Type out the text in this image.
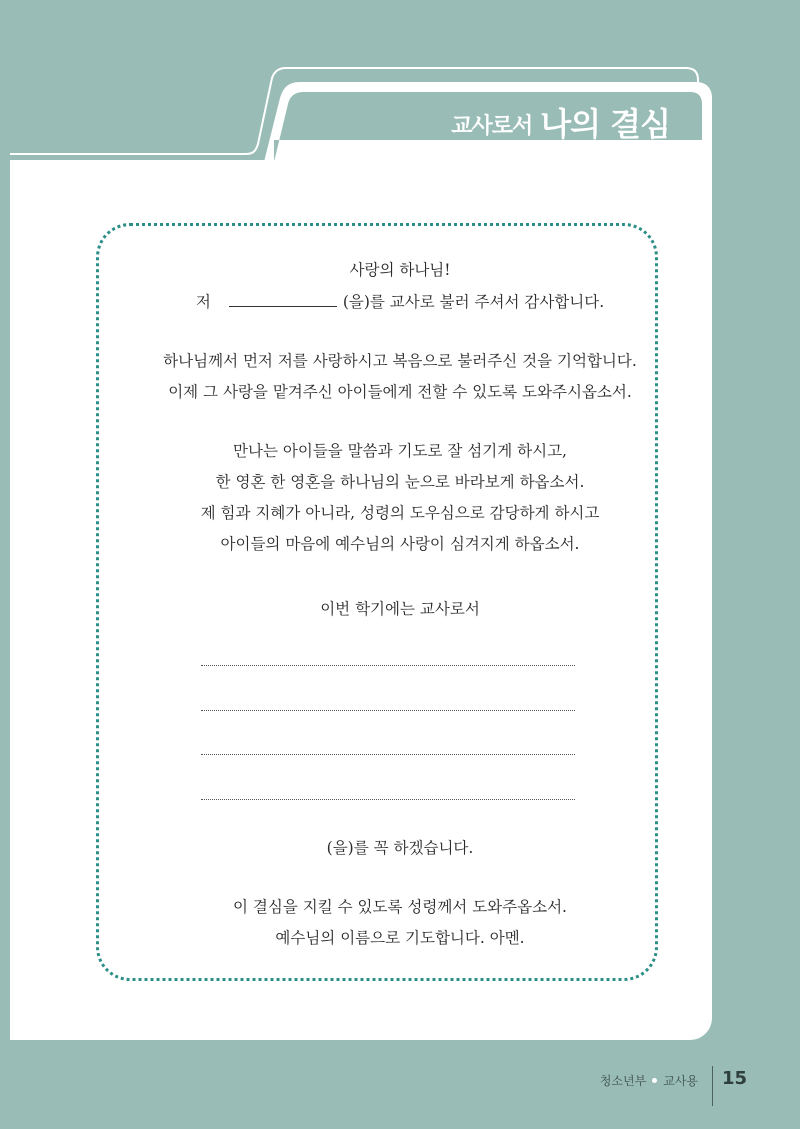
교사로서 나의 결심
사랑의 하나님!
저	(을)를 교사로 불러 주셔서 감사합니다.
하나님께서 먼저 저를 사랑하시고 복음으로 불러주신 것을 기억합니다.
이제 그 사랑을 맡겨주신 아이들에게 전할 수 있도록 도와주시옵소서.
만나는 아이들을 말씀과 기도로 잘 섬기게 하시고,
한 영혼 한 영혼을 하나님의 눈으로 바라보게 하옵소서.
제 힘과 지혜가 아니라, 성령의 도우심으로 감당하게 하시고
아이들의 마음에 예수님의 사랑이 심겨지게 하옵소서.
이번 학기에는 교사로서
(을)를 꼭 하겠습니다.
이 결심을 지킬 수 있도록 성령께서 도와주옵소서.
예수님의 이름으로 기도합니다. 아멘.
청소년부 교사용 15
